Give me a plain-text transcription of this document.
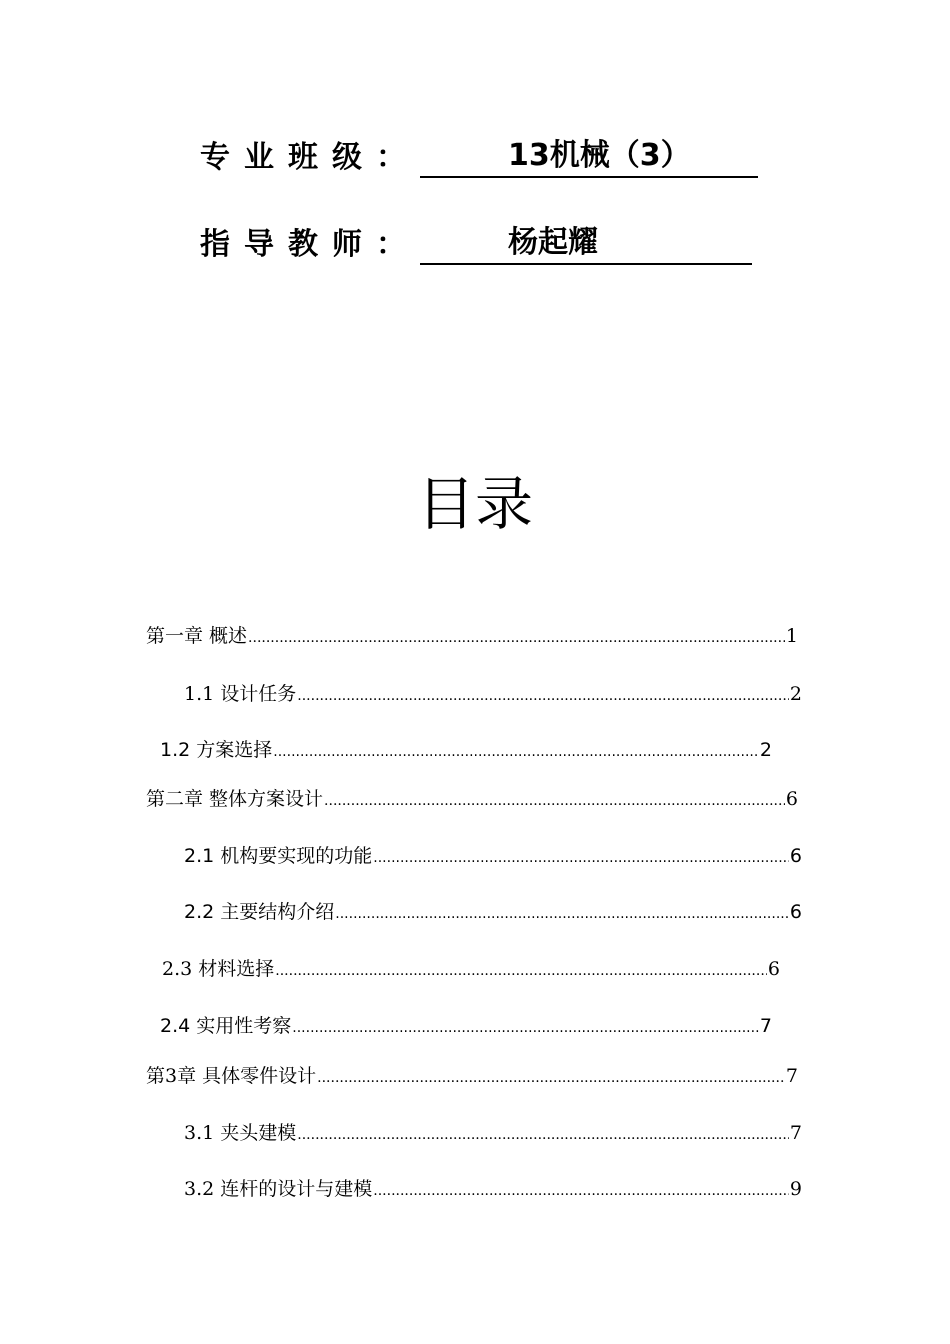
专业班级：	13机械（3）
指导教师：	杨起耀
目录
第一章 概述 .....	1
1.1 设计任务 .....	2
1.2 方案选择 .....	2
第二章 整体方案设计 .....	6
2.1 机构要实现的功能 .....	6
2.2 主要结构介绍 .....	6
2.3 材料选择 .....	6
2.4 实用性考察 .....	7
第3章 具体零件设计 .....	7
3.1 夹头建模 .....	7
3.2 连杆的设计与建模 .....	9
